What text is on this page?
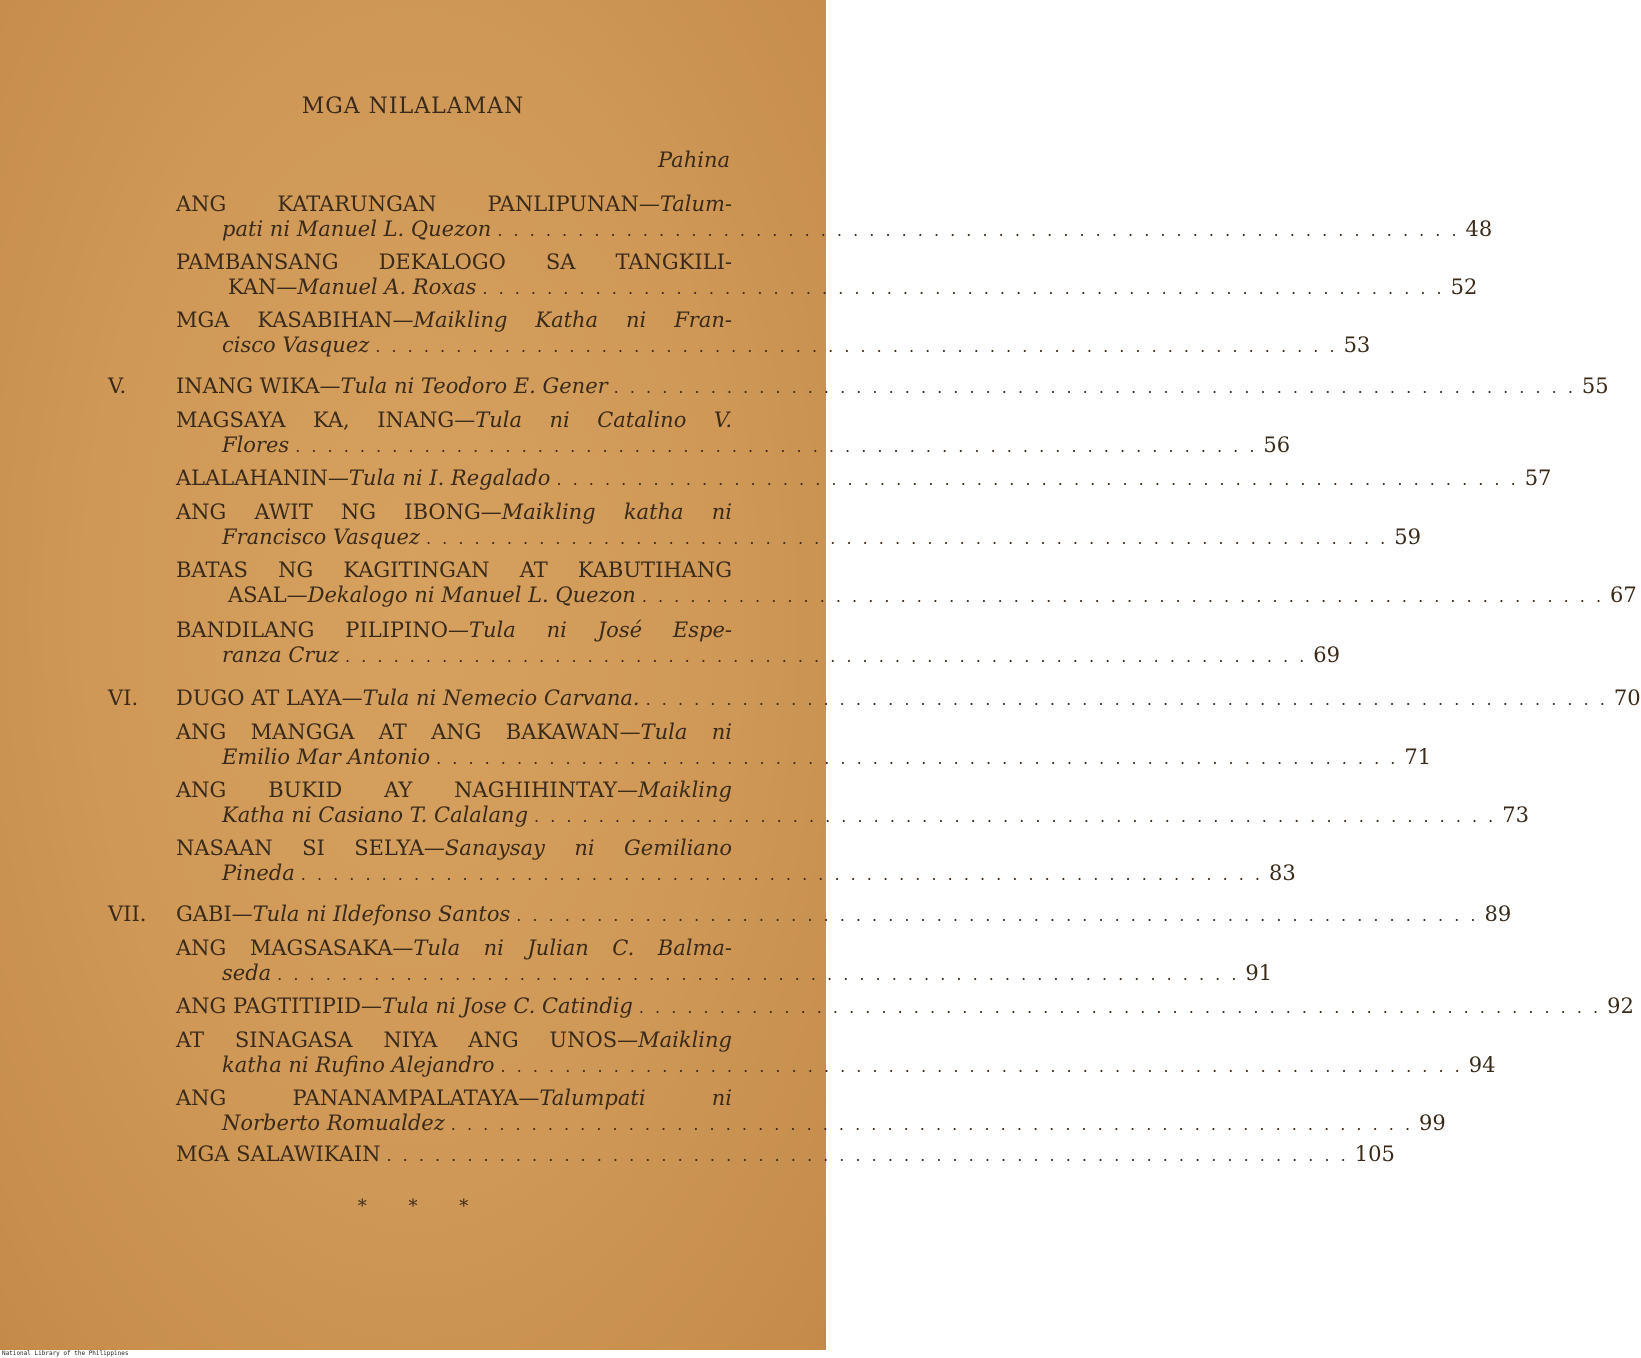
MGA NILALAMAN
Pahina
V.
VI.
VII.
ANG KATARUNGAN PANLIPUNAN—Talum-
pati ni Manuel L. Quezon . . . . . . . . . . . . . . . . . . . . . . . . . . . . . . . . . . . . . . . . . . . . . . . . . . . . . . . . . . . . 48
PAMBANSANG DEKALOGO SA TANGKILI-
KAN—Manuel A. Roxas . . . . . . . . . . . . . . . . . . . . . . . . . . . . . . . . . . . . . . . . . . . . . . . . . . . . . . . . . . . . 52
MGA KASABIHAN—Maikling Katha ni Fran-
cisco Vasquez . . . . . . . . . . . . . . . . . . . . . . . . . . . . . . . . . . . . . . . . . . . . . . . . . . . . . . . . . . . . 53
INANG WIKA—Tula ni Teodoro E. Gener . . . . . . . . . . . . . . . . . . . . . . . . . . . . . . . . . . . . . . . . . . . . . . . . . . . . . . . . . . . . 55
MAGSAYA KA, INANG—Tula ni Catalino V.
Flores . . . . . . . . . . . . . . . . . . . . . . . . . . . . . . . . . . . . . . . . . . . . . . . . . . . . . . . . . . . . 56
ALALAHANIN—Tula ni I. Regalado . . . . . . . . . . . . . . . . . . . . . . . . . . . . . . . . . . . . . . . . . . . . . . . . . . . . . . . . . . . . 57
ANG AWIT NG IBONG—Maikling katha ni
Francisco Vasquez . . . . . . . . . . . . . . . . . . . . . . . . . . . . . . . . . . . . . . . . . . . . . . . . . . . . . . . . . . . . 59
BATAS NG KAGITINGAN AT KABUTIHANG
ASAL—Dekalogo ni Manuel L. Quezon . . . . . . . . . . . . . . . . . . . . . . . . . . . . . . . . . . . . . . . . . . . . . . . . . . . . . . . . . . . . 67
BANDILANG PILIPINO—Tula ni José Espe-
ranza Cruz . . . . . . . . . . . . . . . . . . . . . . . . . . . . . . . . . . . . . . . . . . . . . . . . . . . . . . . . . . . . 69
DUGO AT LAYA—Tula ni Nemecio Carvana. . . . . . . . . . . . . . . . . . . . . . . . . . . . . . . . . . . . . . . . . . . . . . . . . . . . . . . . . . . . . 70
ANG MANGGA AT ANG BAKAWAN—Tula ni
Emilio Mar Antonio . . . . . . . . . . . . . . . . . . . . . . . . . . . . . . . . . . . . . . . . . . . . . . . . . . . . . . . . . . . . 71
ANG BUKID AY NAGHIHINTAY—Maikling
Katha ni Casiano T. Calalang . . . . . . . . . . . . . . . . . . . . . . . . . . . . . . . . . . . . . . . . . . . . . . . . . . . . . . . . . . . . 73
NASAAN SI SELYA—Sanaysay ni Gemiliano
Pineda . . . . . . . . . . . . . . . . . . . . . . . . . . . . . . . . . . . . . . . . . . . . . . . . . . . . . . . . . . . . 83
GABI—Tula ni Ildefonso Santos . . . . . . . . . . . . . . . . . . . . . . . . . . . . . . . . . . . . . . . . . . . . . . . . . . . . . . . . . . . . 89
ANG MAGSASAKA—Tula ni Julian C. Balma-
seda . . . . . . . . . . . . . . . . . . . . . . . . . . . . . . . . . . . . . . . . . . . . . . . . . . . . . . . . . . . . 91
ANG PAGTITIPID—Tula ni Jose C. Catindig . . . . . . . . . . . . . . . . . . . . . . . . . . . . . . . . . . . . . . . . . . . . . . . . . . . . . . . . . . . . 92
AT SINAGASA NIYA ANG UNOS—Maikling
katha ni Rufino Alejandro . . . . . . . . . . . . . . . . . . . . . . . . . . . . . . . . . . . . . . . . . . . . . . . . . . . . . . . . . . . . 94
ANG PANANAMPALATAYA—Talumpati ni
Norberto Romualdez . . . . . . . . . . . . . . . . . . . . . . . . . . . . . . . . . . . . . . . . . . . . . . . . . . . . . . . . . . . . 99
MGA SALAWIKAIN . . . . . . . . . . . . . . . . . . . . . . . . . . . . . . . . . . . . . . . . . . . . . . . . . . . . . . . . . . . . 105
* * *
National Library of the Philippines
